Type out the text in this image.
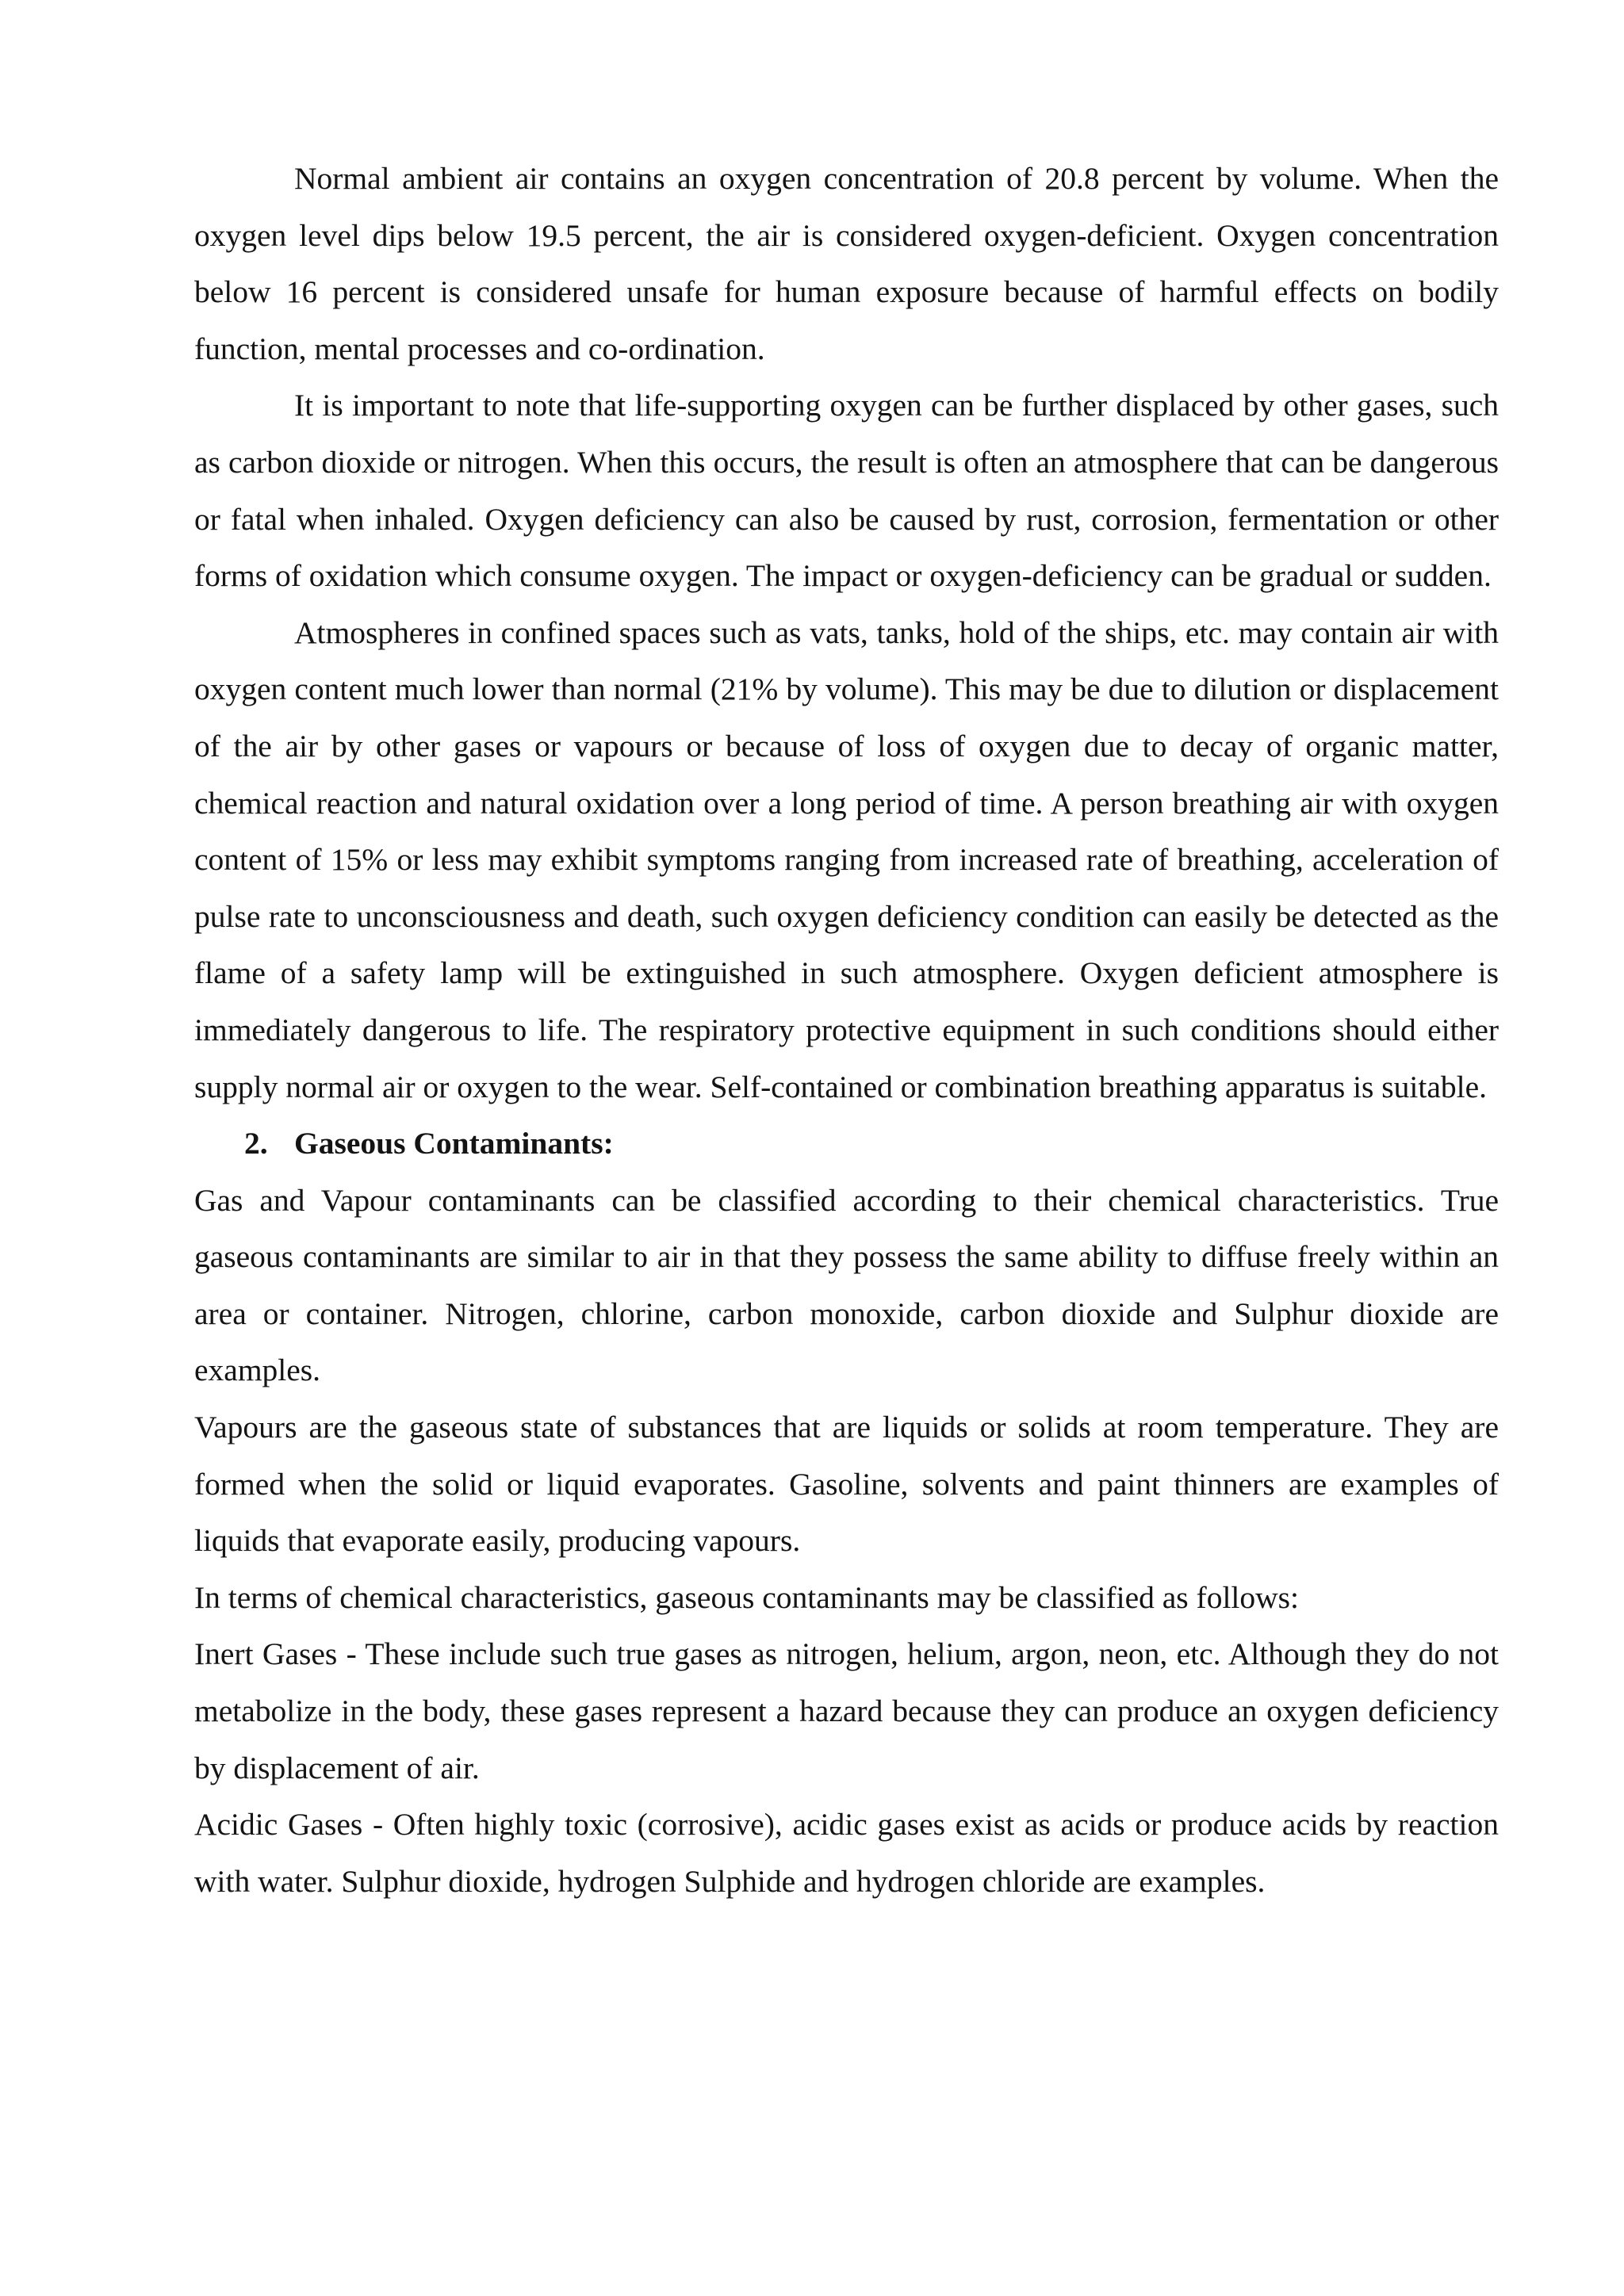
Normal ambient air contains an oxygen concentration of 20.8 percent by volume. When the oxygen level dips below 19.5 percent, the air is considered oxygen-deficient. Oxygen concentration below 16 percent is considered unsafe for human exposure because of harmful effects on bodily function, mental processes and co-ordination.

It is important to note that life-supporting oxygen can be further displaced by other gases, such as carbon dioxide or nitrogen. When this occurs, the result is often an atmosphere that can be dangerous or fatal when inhaled. Oxygen deficiency can also be caused by rust, corrosion, fermentation or other forms of oxidation which consume oxygen. The impact or oxygen-deficiency can be gradual or sudden.

Atmospheres in confined spaces such as vats, tanks, hold of the ships, etc. may contain air with oxygen content much lower than normal (21% by volume). This may be due to dilution or displacement of the air by other gases or vapours or because of loss of oxygen due to decay of organic matter, chemical reaction and natural oxidation over a long period of time. A person breathing air with oxygen content of 15% or less may exhibit symptoms ranging from increased rate of breathing, acceleration of pulse rate to unconsciousness and death, such oxygen deficiency condition can easily be detected as the flame of a safety lamp will be extinguished in such atmosphere. Oxygen deficient atmosphere is immediately dangerous to life. The respiratory protective equipment in such conditions should either supply normal air or oxygen to the wear. Self-contained or combination breathing apparatus is suitable.

2. Gaseous Contaminants:

Gas and Vapour contaminants can be classified according to their chemical characteristics. True gaseous contaminants are similar to air in that they possess the same ability to diffuse freely within an area or container. Nitrogen, chlorine, carbon monoxide, carbon dioxide and Sulphur dioxide are examples.

Vapours are the gaseous state of substances that are liquids or solids at room temperature. They are formed when the solid or liquid evaporates. Gasoline, solvents and paint thinners are examples of liquids that evaporate easily, producing vapours.

In terms of chemical characteristics, gaseous contaminants may be classified as follows:

Inert Gases - These include such true gases as nitrogen, helium, argon, neon, etc. Although they do not metabolize in the body, these gases represent a hazard because they can produce an oxygen deficiency by displacement of air.

Acidic Gases - Often highly toxic (corrosive), acidic gases exist as acids or produce acids by reaction with water. Sulphur dioxide, hydrogen Sulphide and hydrogen chloride are examples.
